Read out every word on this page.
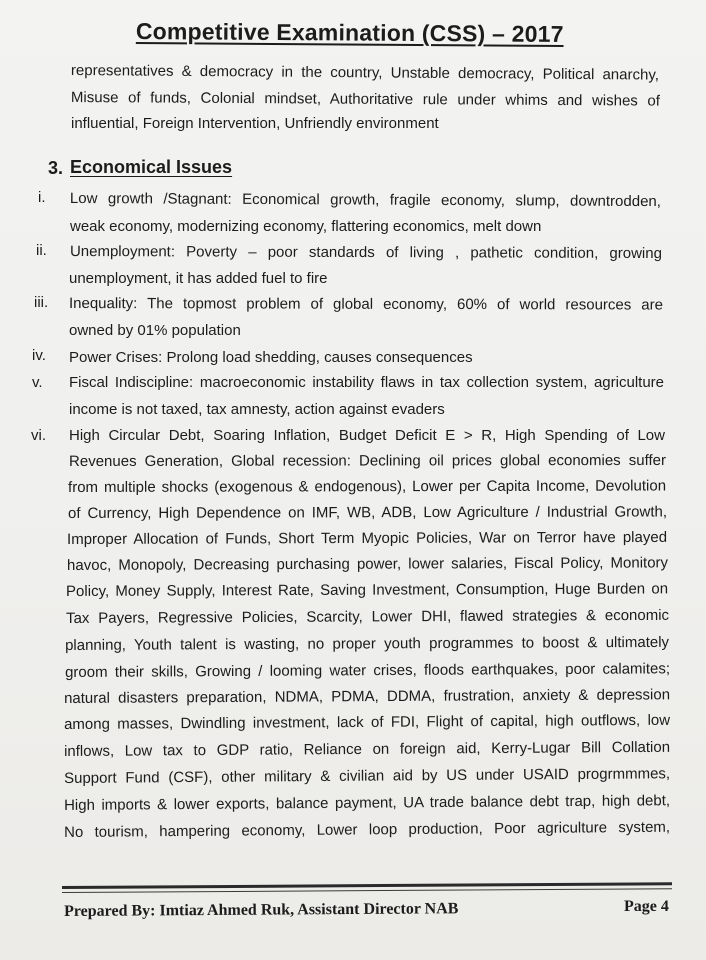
Competitive Examination (CSS) – 2017
representatives & democracy in the country, Unstable democracy, Political anarchy,
Misuse of funds, Colonial mindset, Authoritative rule under whims and wishes of
influential, Foreign Intervention, Unfriendly environment
3. Economical Issues
i. Low growth /Stagnant: Economical growth, fragile economy, slump, downtrodden,
weak economy, modernizing economy, flattering economics, melt down
ii. Unemployment: Poverty – poor standards of living , pathetic condition, growing
unemployment, it has added fuel to fire
iii. Inequality: The topmost problem of global economy, 60% of world resources are
owned by 01% population
iv. Power Crises: Prolong load shedding, causes consequences
v. Fiscal Indiscipline: macroeconomic instability flaws in tax collection system, agriculture
income is not taxed, tax amnesty, action against evaders
vi. High Circular Debt, Soaring Inflation, Budget Deficit E > R, High Spending of Low
Revenues Generation, Global recession: Declining oil prices global economies suffer
from multiple shocks (exogenous & endogenous), Lower per Capita Income, Devolution
of Currency, High Dependence on IMF, WB, ADB, Low Agriculture / Industrial Growth,
Improper Allocation of Funds, Short Term Myopic Policies, War on Terror have played
havoc, Monopoly, Decreasing purchasing power, lower salaries, Fiscal Policy, Monitory
Policy, Money Supply, Interest Rate, Saving Investment, Consumption, Huge Burden on
Tax Payers, Regressive Policies, Scarcity, Lower DHI, flawed strategies & economic
planning, Youth talent is wasting, no proper youth programmes to boost & ultimately
groom their skills, Growing / looming water crises, floods earthquakes, poor calamites;
natural disasters preparation, NDMA, PDMA, DDMA, frustration, anxiety & depression
among masses, Dwindling investment, lack of FDI, Flight of capital, high outflows, low
inflows, Low tax to GDP ratio, Reliance on foreign aid, Kerry-Lugar Bill Collation
Support Fund (CSF), other military & civilian aid by US under USAID progrmmmes,
High imports & lower exports, balance payment, UA trade balance debt trap, high debt,
No tourism, hampering economy, Lower loop production, Poor agriculture system,
Prepared By: Imtiaz Ahmed Ruk, Assistant Director NAB	Page 4
